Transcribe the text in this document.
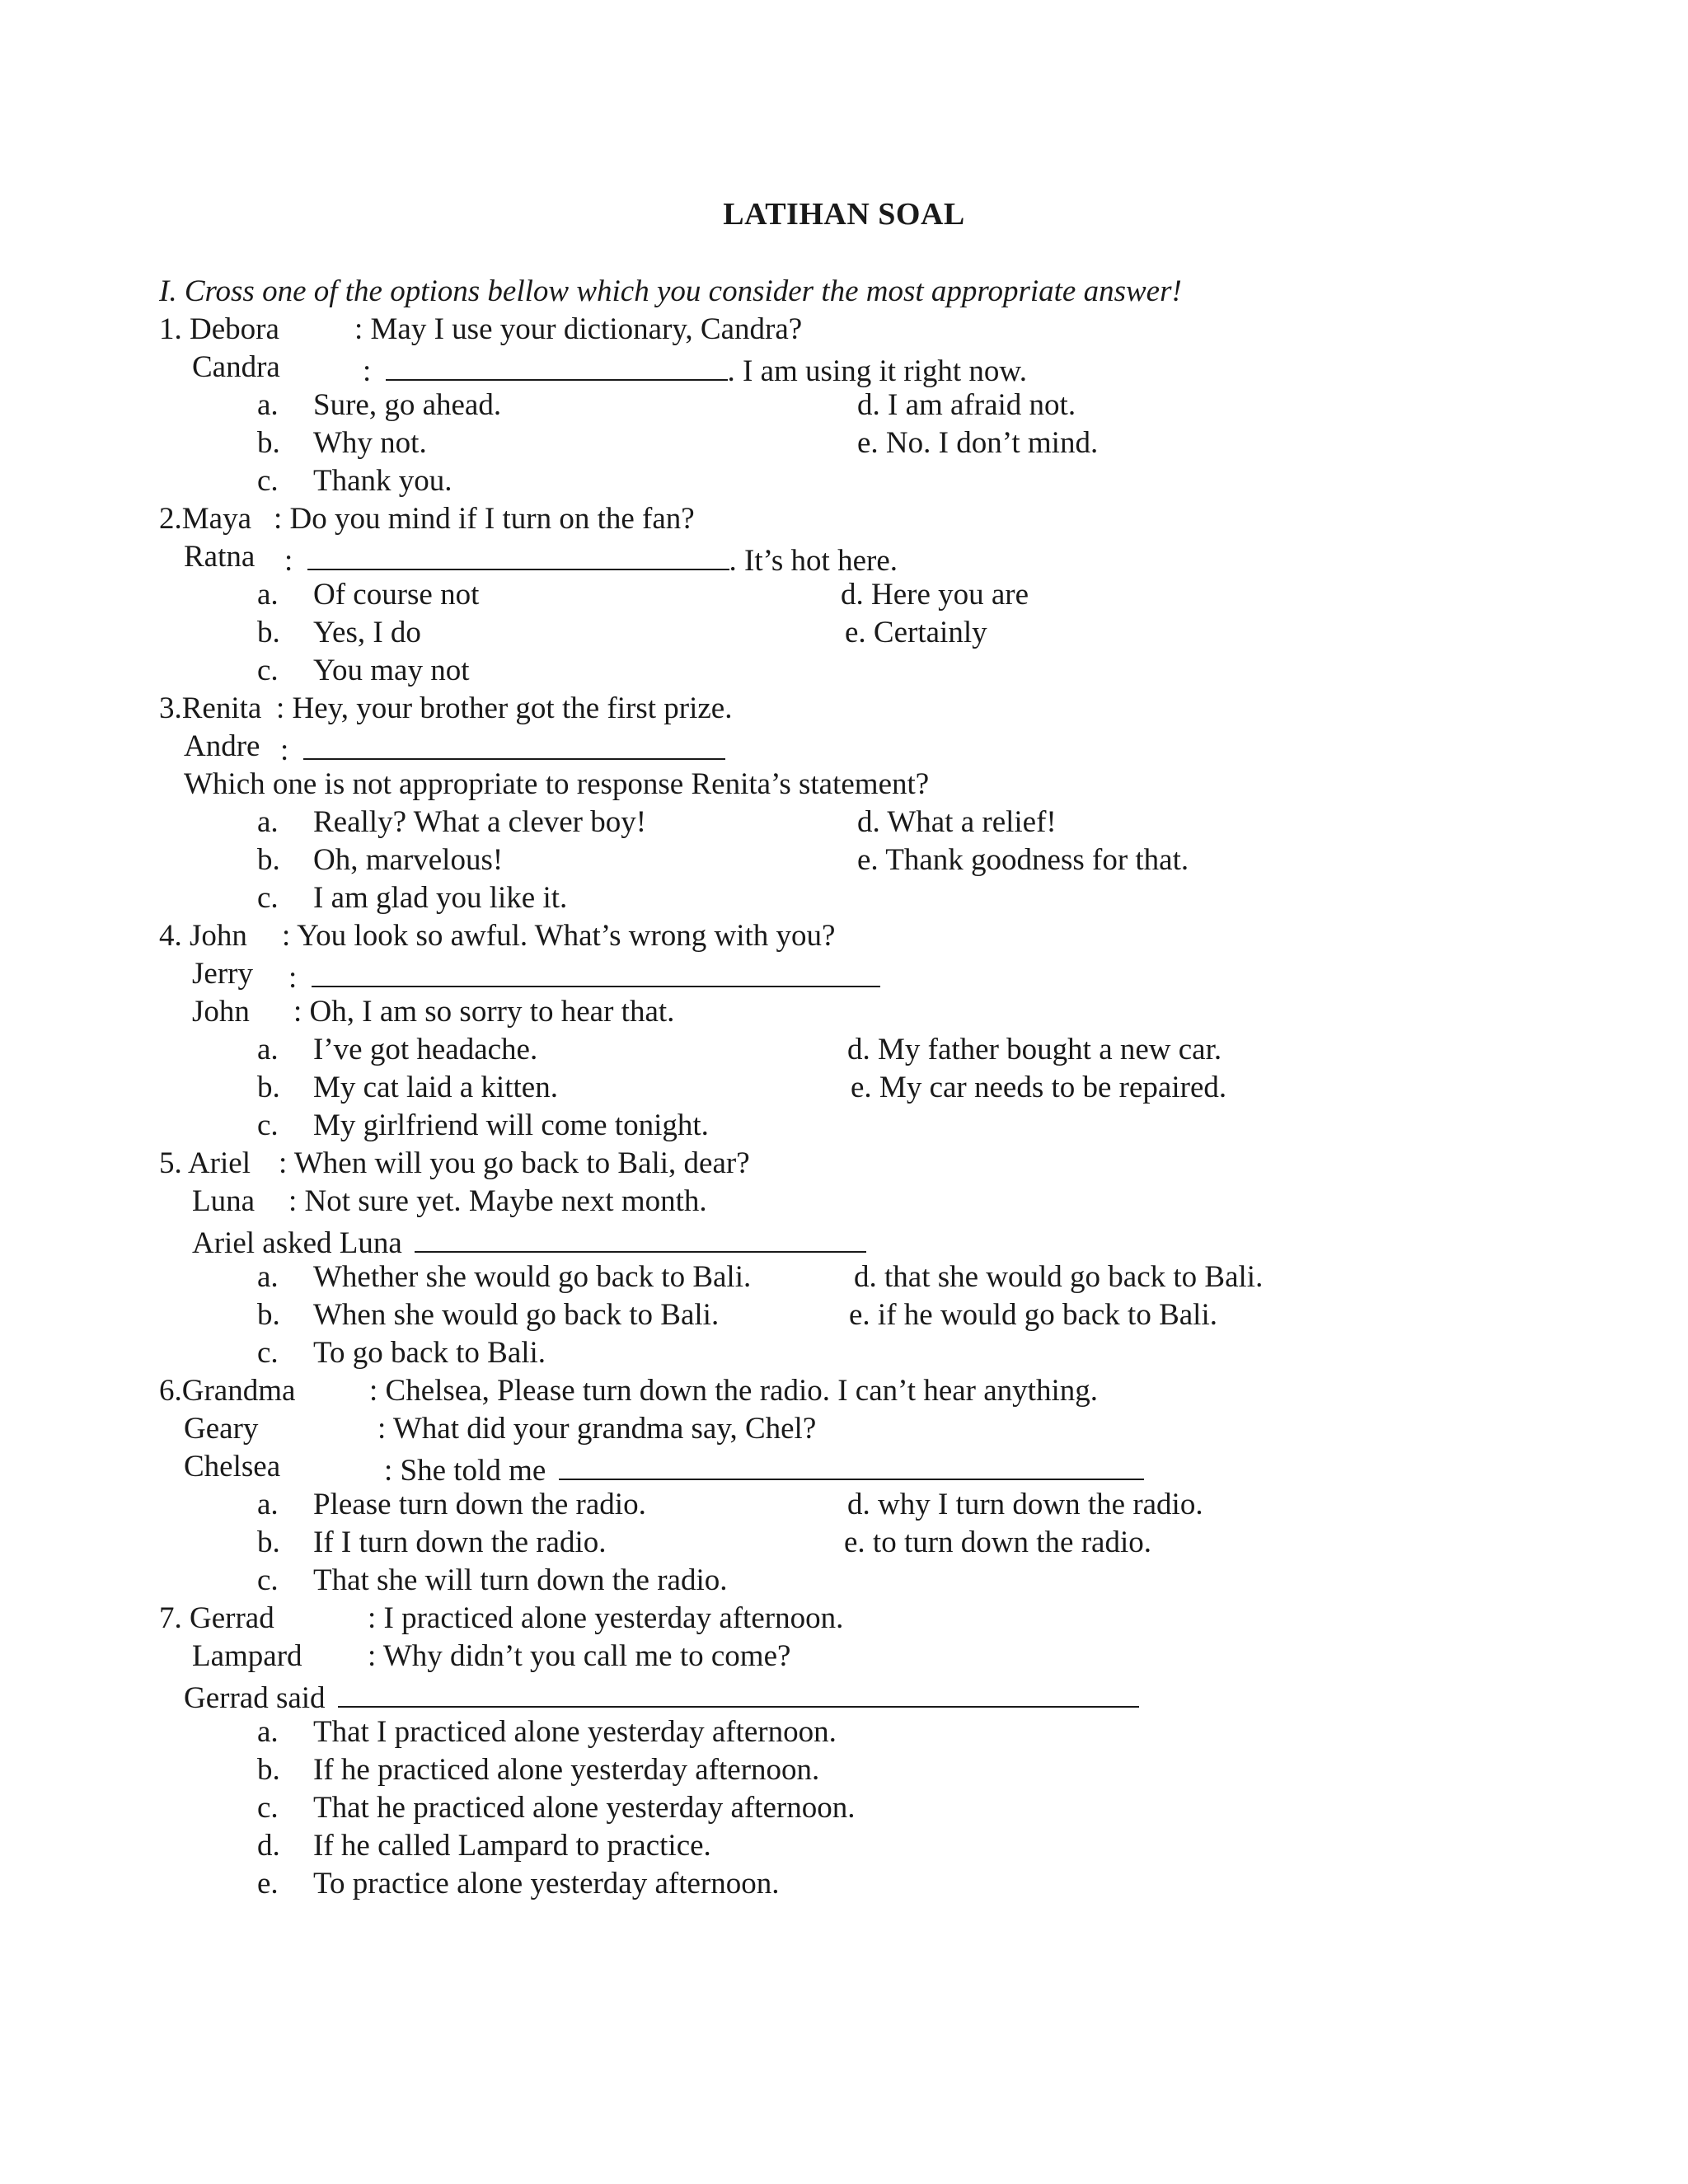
LATIHAN SOAL
I. Cross one of the options bellow which you consider the most appropriate answer!
1. Debora : May I use your dictionary, Candra?
Candra	:	. I am using it right now.
a. Sure, go ahead.
b. Why not.
c. Thank you.
d. I am afraid not.
e. No. I don’t mind.
2.Maya : Do you mind if I turn on the fan?
Ratna :	. It’s hot here.
a. Of course not
b. Yes, I do
c. You may not
d. Here you are
e. Certainly
3.Renita : Hey, your brother got the first prize.
Andre :
Which one is not appropriate to response Renita’s statement?
a. Really? What a clever boy!
b. Oh, marvelous!
c. I am glad you like it.
d. What a relief!
e. Thank goodness for that.
4. John : You look so awful. What’s wrong with you?
Jerry :
John : Oh, I am so sorry to hear that.
a. I’ve got headache.
b. My cat laid a kitten.
c. My girlfriend will come tonight.
d. My father bought a new car.
e. My car needs to be repaired.
5. Ariel : When will you go back to Bali, dear?
Luna : Not sure yet. Maybe next month.
Ariel asked Luna
a. Whether she would go back to Bali.
b. When she would go back to Bali.
c. To go back to Bali.
d. that she would go back to Bali.
e. if he would go back to Bali.
6.Grandma : Chelsea, Please turn down the radio. I can’t hear anything.
Geary	: What did your grandma say, Chel?
Chelsea	: She told me
a. Please turn down the radio.
b. If I turn down the radio.
c. That she will turn down the radio.
d. why I turn down the radio.
e. to turn down the radio.
7. Gerrad	: I practiced alone yesterday afternoon.
Lampard : Why didn’t you call me to come?
Gerrad said
a. That I practiced alone yesterday afternoon.
b. If he practiced alone yesterday afternoon.
c. That he practiced alone yesterday afternoon.
d. If he called Lampard to practice.
e. To practice alone yesterday afternoon.
